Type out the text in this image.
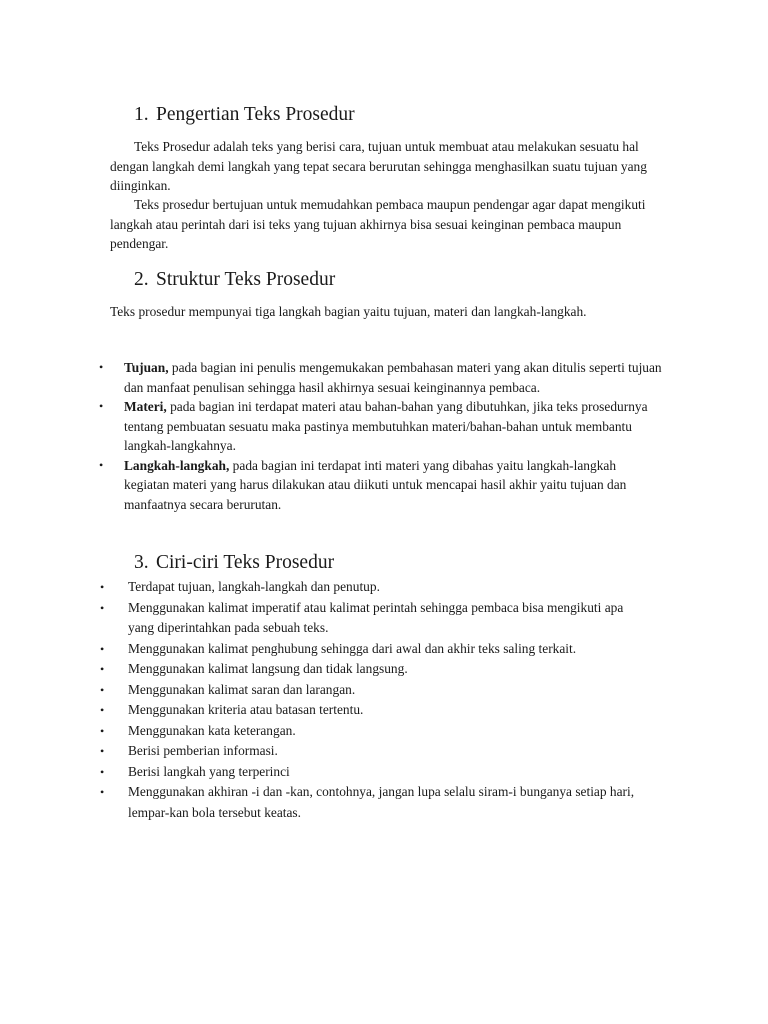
1. Pengertian Teks Prosedur

Teks Prosedur adalah teks yang berisi cara, tujuan untuk membuat atau melakukan sesuatu hal dengan langkah demi langkah yang tepat secara berurutan sehingga menghasilkan suatu tujuan yang diinginkan.

Teks prosedur bertujuan untuk memudahkan pembaca maupun pendengar agar dapat mengikuti langkah atau perintah dari isi teks yang tujuan akhirnya bisa sesuai keinginan pembaca maupun pendengar.

2. Struktur Teks Prosedur

Teks prosedur mempunyai tiga langkah bagian yaitu tujuan, materi dan langkah-langkah.

• Tujuan, pada bagian ini penulis mengemukakan pembahasan materi yang akan ditulis seperti tujuan dan manfaat penulisan sehingga hasil akhirnya sesuai keinginannya pembaca.
• Materi, pada bagian ini terdapat materi atau bahan-bahan yang dibutuhkan, jika teks prosedurnya tentang pembuatan sesuatu maka pastinya membutuhkan materi/bahan-bahan untuk membantu langkah-langkahnya.
• Langkah-langkah, pada bagian ini terdapat inti materi yang dibahas yaitu langkah-langkah kegiatan materi yang harus dilakukan atau diikuti untuk mencapai hasil akhir yaitu tujuan dan manfaatnya secara berurutan.
3. Ciri-ciri Teks Prosedur
• Terdapat tujuan, langkah-langkah dan penutup.
• Menggunakan kalimat imperatif atau kalimat perintah sehingga pembaca bisa mengikuti apa yang diperintahkan pada sebuah teks.
• Menggunakan kalimat penghubung sehingga dari awal dan akhir teks saling terkait.
• Menggunakan kalimat langsung dan tidak langsung.
• Menggunakan kalimat saran dan larangan.
• Menggunakan kriteria atau batasan tertentu.
• Menggunakan kata keterangan.
• Berisi pemberian informasi.
• Berisi langkah yang terperinci
• Menggunakan akhiran -i dan -kan, contohnya, jangan lupa selalu siram-i bunganya setiap hari, lempar-kan bola tersebut keatas.
